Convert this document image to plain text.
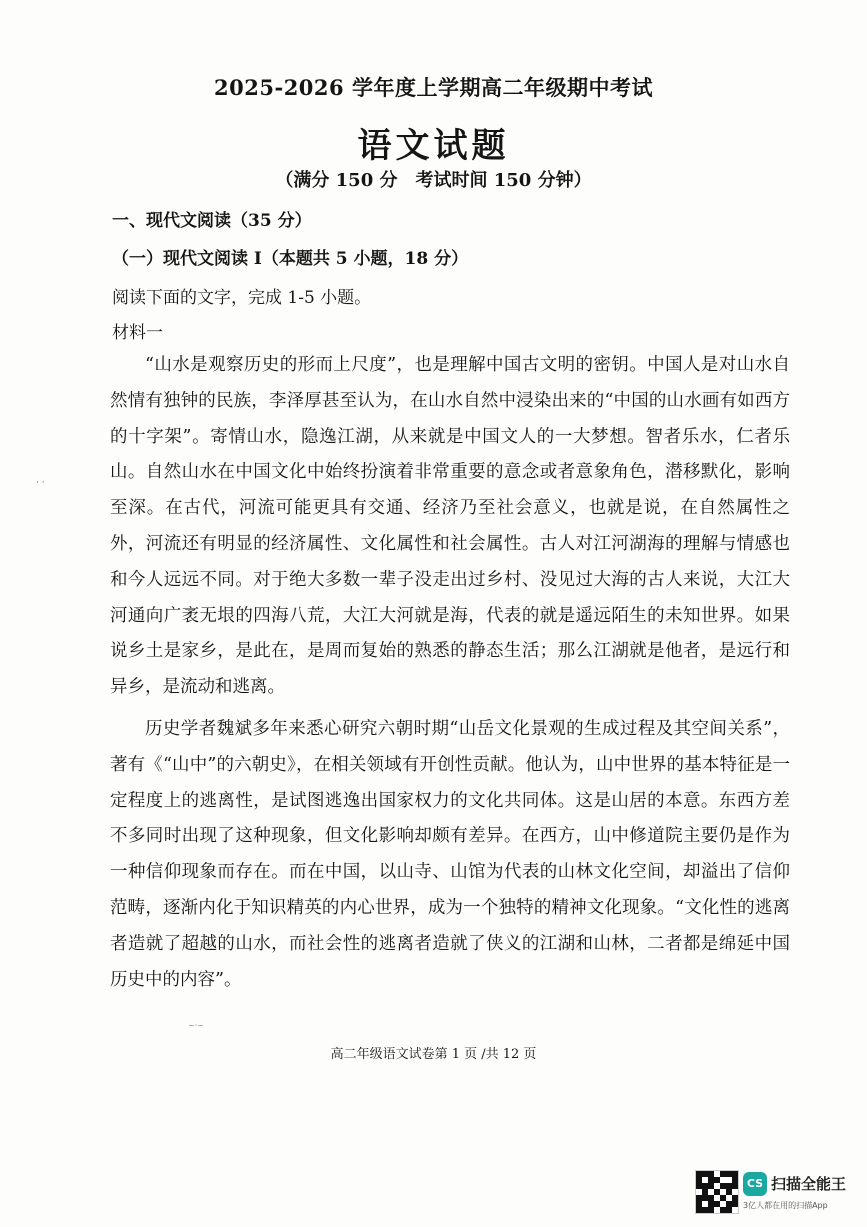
2025-2026 学年度上学期高二年级期中考试
语文试题
（满分 150 分　考试时间 150 分钟）
一、现代文阅读（35 分）
（一）现代文阅读 I（本题共 5 小题，18 分）
阅读下面的文字，完成 1-5 小题。
材料一

“山水是观察历史的形而上尺度”，也是理解中国古文明的密钥。中国人是对山水自然情有独钟的民族，李泽厚甚至认为，在山水自然中浸染出来的“中国的山水画有如西方的十字架”。寄情山水，隐逸江湖，从来就是中国文人的一大梦想。智者乐水，仁者乐山。自然山水在中国文化中始终扮演着非常重要的意念或者意象角色，潜移默化，影响至深。在古代，河流可能更具有交通、经济乃至社会意义，也就是说，在自然属性之外，河流还有明显的经济属性、文化属性和社会属性。古人对江河湖海的理解与情感也和今人远远不同。对于绝大多数一辈子没走出过乡村、没见过大海的古人来说，大江大河通向广袤无垠的四海八荒，大江大河就是海，代表的就是遥远陌生的未知世界。如果说乡土是家乡，是此在，是周而复始的熟悉的静态生活；那么江湖就是他者，是远行和异乡，是流动和逃离。

历史学者魏斌多年来悉心研究六朝时期“山岳文化景观的生成过程及其空间关系”，著有《“山中”的六朝史》，在相关领域有开创性贡献。他认为，山中世界的基本特征是一定程度上的逃离性，是试图逃逸出国家权力的文化共同体。这是山居的本意。东西方差不多同时出现了这种现象，但文化影响却颇有差异。在西方，山中修道院主要仍是作为一种信仰现象而存在。而在中国，以山寺、山馆为代表的山林文化空间，却溢出了信仰范畴，逐渐内化于知识精英的内心世界，成为一个独特的精神文化现象。“文化性的逃离者造就了超越的山水，而社会性的逃离者造就了侠义的江湖和山林，二者都是绵延中国历史中的内容”。

· ·
~·~
高二年级语文试卷第 1 页 /共 12 页
CS 扫描全能王
3亿人都在用的扫描App
